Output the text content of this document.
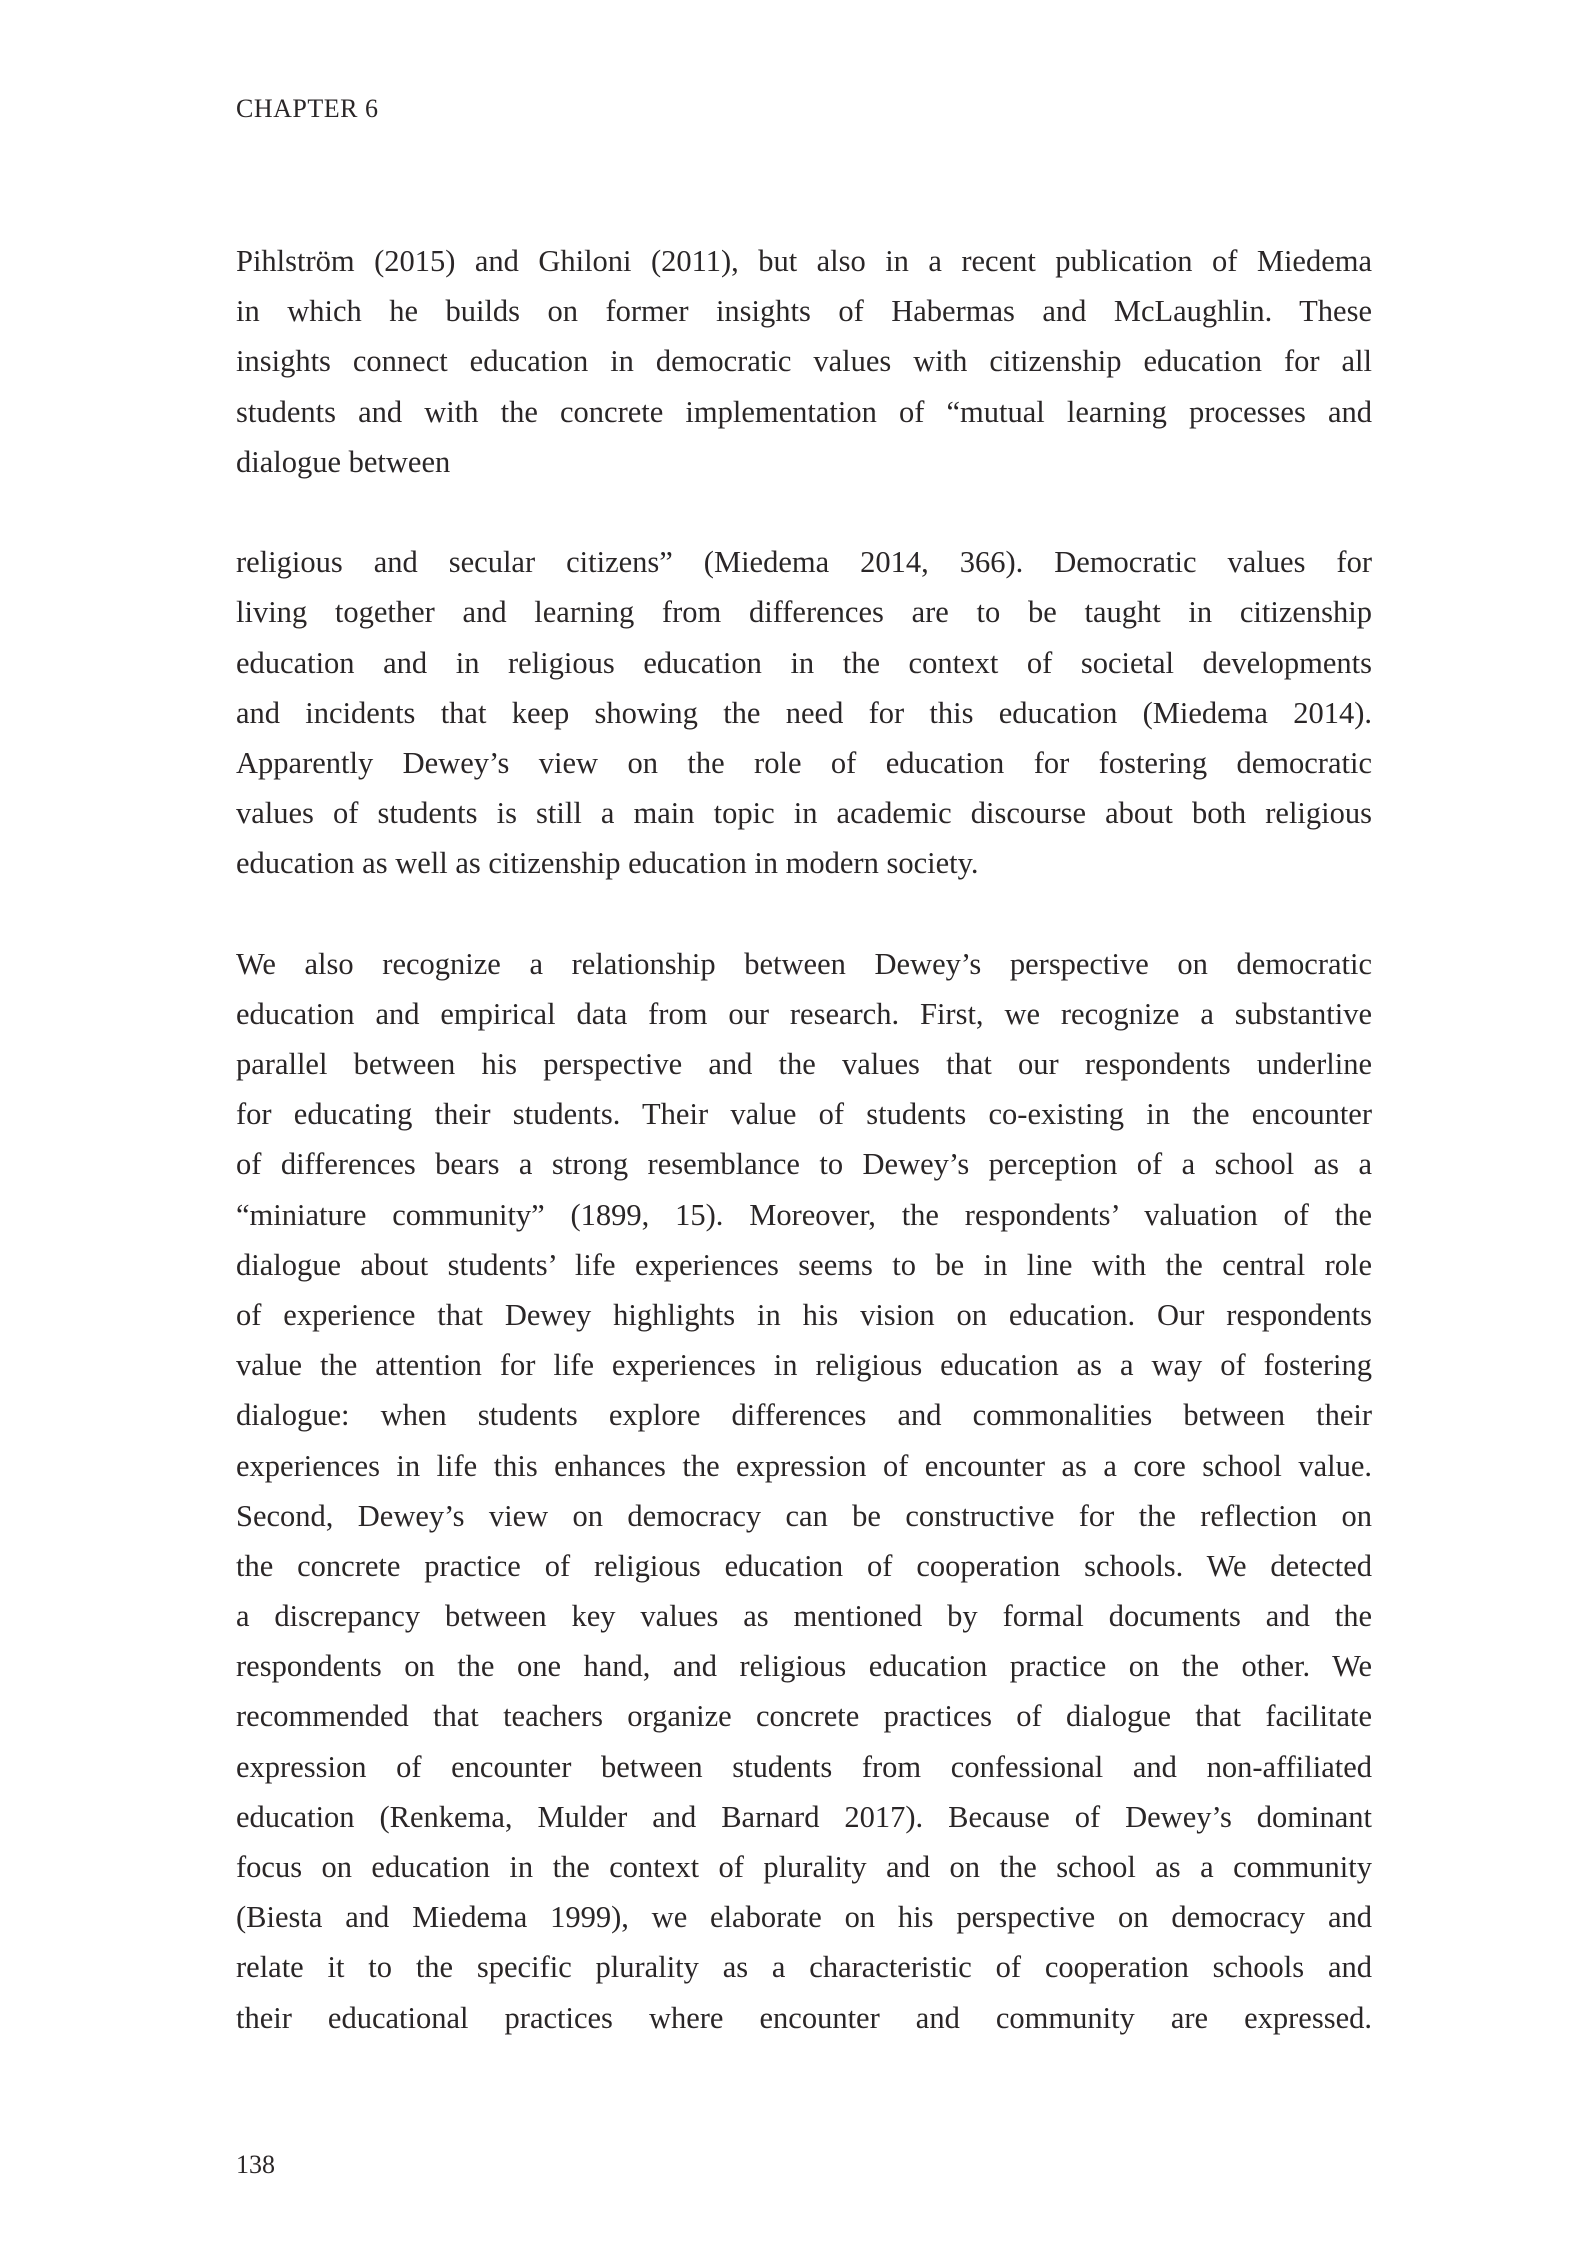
CHAPTER 6
Pihlström (2015) and Ghiloni (2011), but also in a recent publication of Miedema
in which he builds on former insights of Habermas and McLaughlin. These
insights connect education in democratic values with citizenship education for all
students and with the concrete implementation of “mutual learning processes and
dialogue between
religious and secular citizens” (Miedema 2014, 366). Democratic values for
living together and learning from differences are to be taught in citizenship
education and in religious education in the context of societal developments
and incidents that keep showing the need for this education (Miedema 2014).
Apparently Dewey’s view on the role of education for fostering democratic
values of students is still a main topic in academic discourse about both religious
education as well as citizenship education in modern society.
We also recognize a relationship between Dewey’s perspective on democratic
education and empirical data from our research. First, we recognize a substantive
parallel between his perspective and the values that our respondents underline
for educating their students. Their value of students co-existing in the encounter
of differences bears a strong resemblance to Dewey’s perception of a school as a
“miniature community” (1899, 15). Moreover, the respondents’ valuation of the
dialogue about students’ life experiences seems to be in line with the central role
of experience that Dewey highlights in his vision on education. Our respondents
value the attention for life experiences in religious education as a way of fostering
dialogue: when students explore differences and commonalities between their
experiences in life this enhances the expression of encounter as a core school value.
Second, Dewey’s view on democracy can be constructive for the reflection on
the concrete practice of religious education of cooperation schools. We detected
a discrepancy between key values as mentioned by formal documents and the
respondents on the one hand, and religious education practice on the other. We
recommended that teachers organize concrete practices of dialogue that facilitate
expression of encounter between students from confessional and non-affiliated
education (Renkema, Mulder and Barnard 2017). Because of Dewey’s dominant
focus on education in the context of plurality and on the school as a community
(Biesta and Miedema 1999), we elaborate on his perspective on democracy and
relate it to the specific plurality as a characteristic of cooperation schools and
their educational practices where encounter and community are expressed.
138
